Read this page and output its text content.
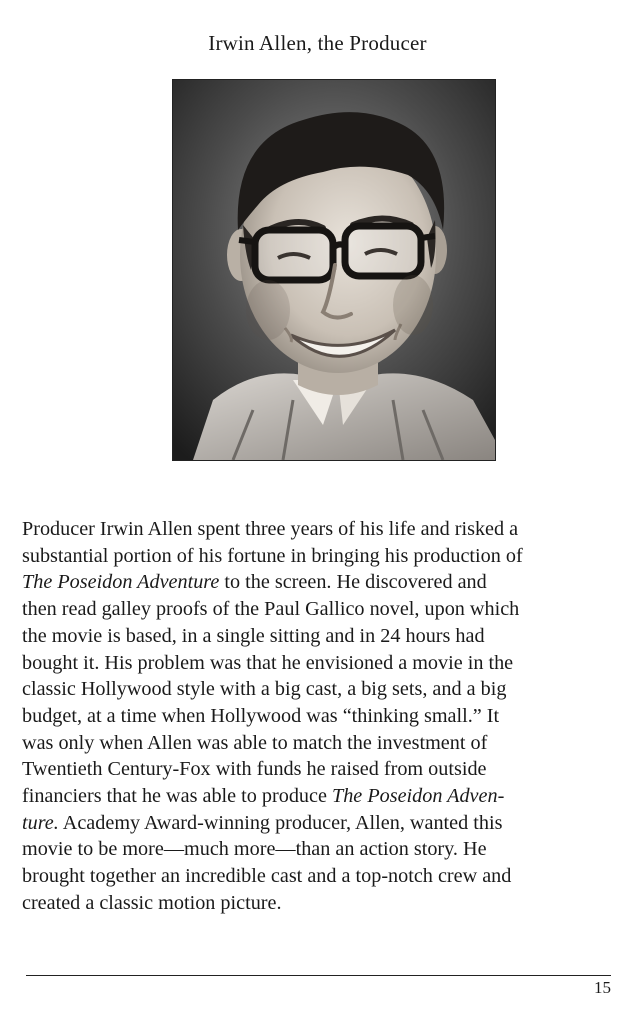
Irwin Allen, the Producer
Producer Irwin Allen spent three years of his life and risked a
substantial portion of his fortune in bringing his production of
The Poseidon Adventure to the screen. He discovered and
then read galley proofs of the Paul Gallico novel, upon which
the movie is based, in a single sitting and in 24 hours had
bought it. His problem was that he envisioned a movie in the
classic Hollywood style with a big cast, a big sets, and a big
budget, at a time when Hollywood was “thinking small.” It
was only when Allen was able to match the investment of
Twentieth Century-Fox with funds he raised from outside
financiers that he was able to produce The Poseidon Adven-
ture. Academy Award-winning producer, Allen, wanted this
movie to be more—much more—than an action story. He
brought together an incredible cast and a top-notch crew and
created a classic motion picture.
15
